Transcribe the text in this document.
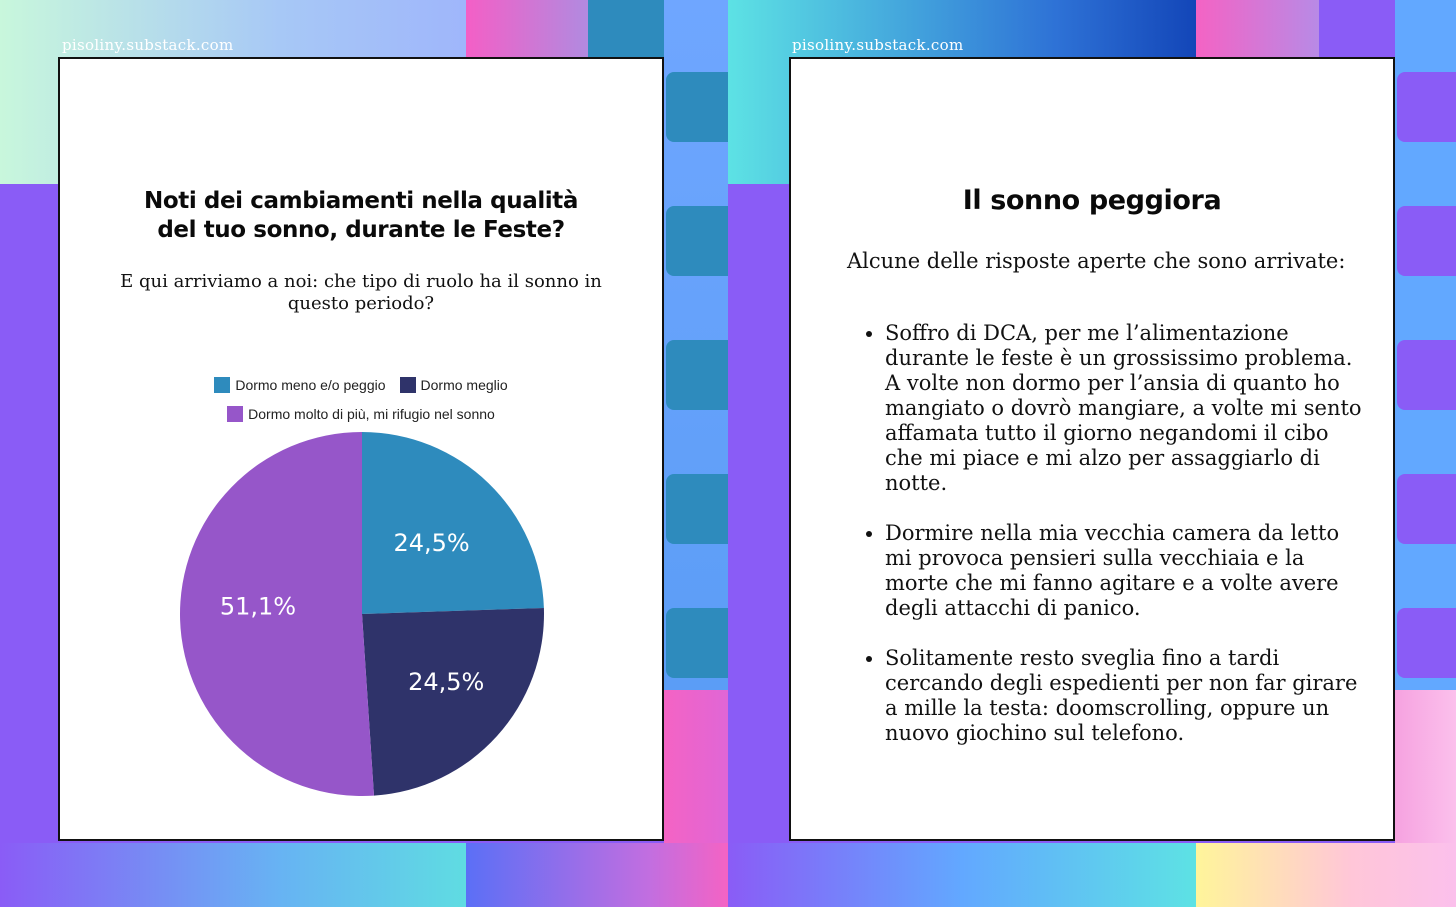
pisoliny.substack.com
Noti dei cambiamenti nella qualità
del tuo sonno, durante le Feste?
E qui arriviamo a noi: che tipo di ruolo ha il sonno in
questo periodo?
Dormo meno e/o peggio	Dormo meglio
Dormo molto di più, mi rifugio nel sonno
24,5%
24,5%
51,1%
pisoliny.substack.com
Il sonno peggiora
Alcune delle risposte aperte che sono arrivate:
• Soffro di DCA, per me l’alimentazione durante le feste è un grossissimo problema. A volte non dormo per l’ansia di quanto ho mangiato o dovrò mangiare, a volte mi sento affamata tutto il giorno negandomi il cibo che mi piace e mi alzo per assaggiarlo di notte.
• Dormire nella mia vecchia camera da letto mi provoca pensieri sulla vecchiaia e la morte che mi fanno agitare e a volte avere degli attacchi di panico.
• Solitamente resto sveglia fino a tardi cercando degli espedienti per non far girare a mille la testa: doomscrolling, oppure un nuovo giochino sul telefono.
